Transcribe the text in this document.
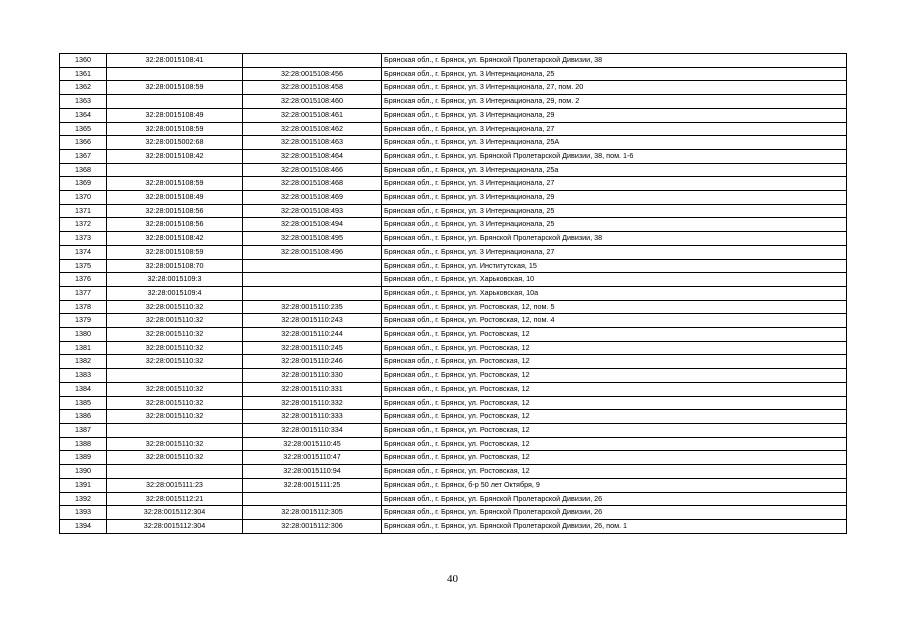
1360	32:28:0015108:41		Брянская обл., г. Брянск, ул. Брянской Пролетарской Дивизии, 38
1361		32:28:0015108:456	Брянская обл., г. Брянск, ул. 3 Интернационала, 25
1362	32:28:0015108:59	32:28:0015108:458	Брянская обл., г. Брянск, ул. 3 Интернационала, 27, пом. 20
1363		32:28:0015108:460	Брянская обл., г. Брянск, ул. 3 Интернационала, 29, пом. 2
1364	32:28:0015108:49	32:28:0015108:461	Брянская обл., г. Брянск, ул. 3 Интернационала, 29
1365	32:28:0015108:59	32:28:0015108:462	Брянская обл., г. Брянск, ул. 3 Интернационала, 27
1366	32:28:0015002:68	32:28:0015108:463	Брянская обл., г. Брянск, ул. 3 Интернационала, 25А
1367	32:28:0015108:42	32:28:0015108:464	Брянская обл., г. Брянск, ул. Брянской Пролетарской Дивизии, 38, пом. 1-6
1368		32:28:0015108:466	Брянская обл., г. Брянск, ул. 3 Интернационала, 25а
1369	32:28:0015108:59	32:28:0015108:468	Брянская обл., г. Брянск, ул. 3 Интернационала, 27
1370	32:28:0015108:49	32:28:0015108:469	Брянская обл., г. Брянск, ул. 3 Интернационала, 29
1371	32:28:0015108:56	32:28:0015108:493	Брянская обл., г. Брянск, ул. 3 Интернационала, 25
1372	32:28:0015108:56	32:28:0015108:494	Брянская обл., г. Брянск, ул. 3 Интернационала, 25
1373	32:28:0015108:42	32:28:0015108:495	Брянская обл., г. Брянск, ул. Брянской Пролетарской Дивизии, 38
1374	32:28:0015108:59	32:28:0015108:496	Брянская обл., г. Брянск, ул. 3 Интернационала, 27
1375	32:28:0015108:70		Брянская обл., г. Брянск, ул. Институтская, 15
1376	32:28:0015109:3		Брянская обл., г. Брянск, ул. Харьковская, 10
1377	32:28:0015109:4		Брянская обл., г. Брянск, ул. Харьковская, 10а
1378	32:28:0015110:32	32:28:0015110:235	Брянская обл., г. Брянск, ул. Ростовская, 12, пом. 5
1379	32:28:0015110:32	32:28:0015110:243	Брянская обл., г. Брянск, ул. Ростовская, 12, пом. 4
1380	32:28:0015110:32	32:28:0015110:244	Брянская обл., г. Брянск, ул. Ростовская, 12
1381	32:28:0015110:32	32:28:0015110:245	Брянская обл., г. Брянск, ул. Ростовская, 12
1382	32:28:0015110:32	32:28:0015110:246	Брянская обл., г. Брянск, ул. Ростовская, 12
1383		32:28:0015110:330	Брянская обл., г. Брянск, ул. Ростовская, 12
1384	32:28:0015110:32	32:28:0015110:331	Брянская обл., г. Брянск, ул. Ростовская, 12
1385	32:28:0015110:32	32:28:0015110:332	Брянская обл., г. Брянск, ул. Ростовская, 12
1386	32:28:0015110:32	32:28:0015110:333	Брянская обл., г. Брянск, ул. Ростовская, 12
1387		32:28:0015110:334	Брянская обл., г. Брянск, ул. Ростовская, 12
1388	32:28:0015110:32	32:28:0015110:45	Брянская обл., г. Брянск, ул. Ростовская, 12
1389	32:28:0015110:32	32:28:0015110:47	Брянская обл., г. Брянск, ул. Ростовская, 12
1390		32:28:0015110:94	Брянская обл., г. Брянск, ул. Ростовская, 12
1391	32:28:0015111:23	32:28:0015111:25	Брянская обл., г. Брянск, б-р 50 лет Октября, 9
1392	32:28:0015112:21		Брянская обл., г. Брянск, ул. Брянской Пролетарской Дивизии, 26
1393	32:28:0015112:304	32:28:0015112:305	Брянская обл., г. Брянск, ул. Брянской Пролетарской Дивизии, 26
1394	32:28:0015112:304	32:28:0015112:306	Брянская обл., г. Брянск, ул. Брянской Пролетарской Дивизии, 26, пом. 1
40
